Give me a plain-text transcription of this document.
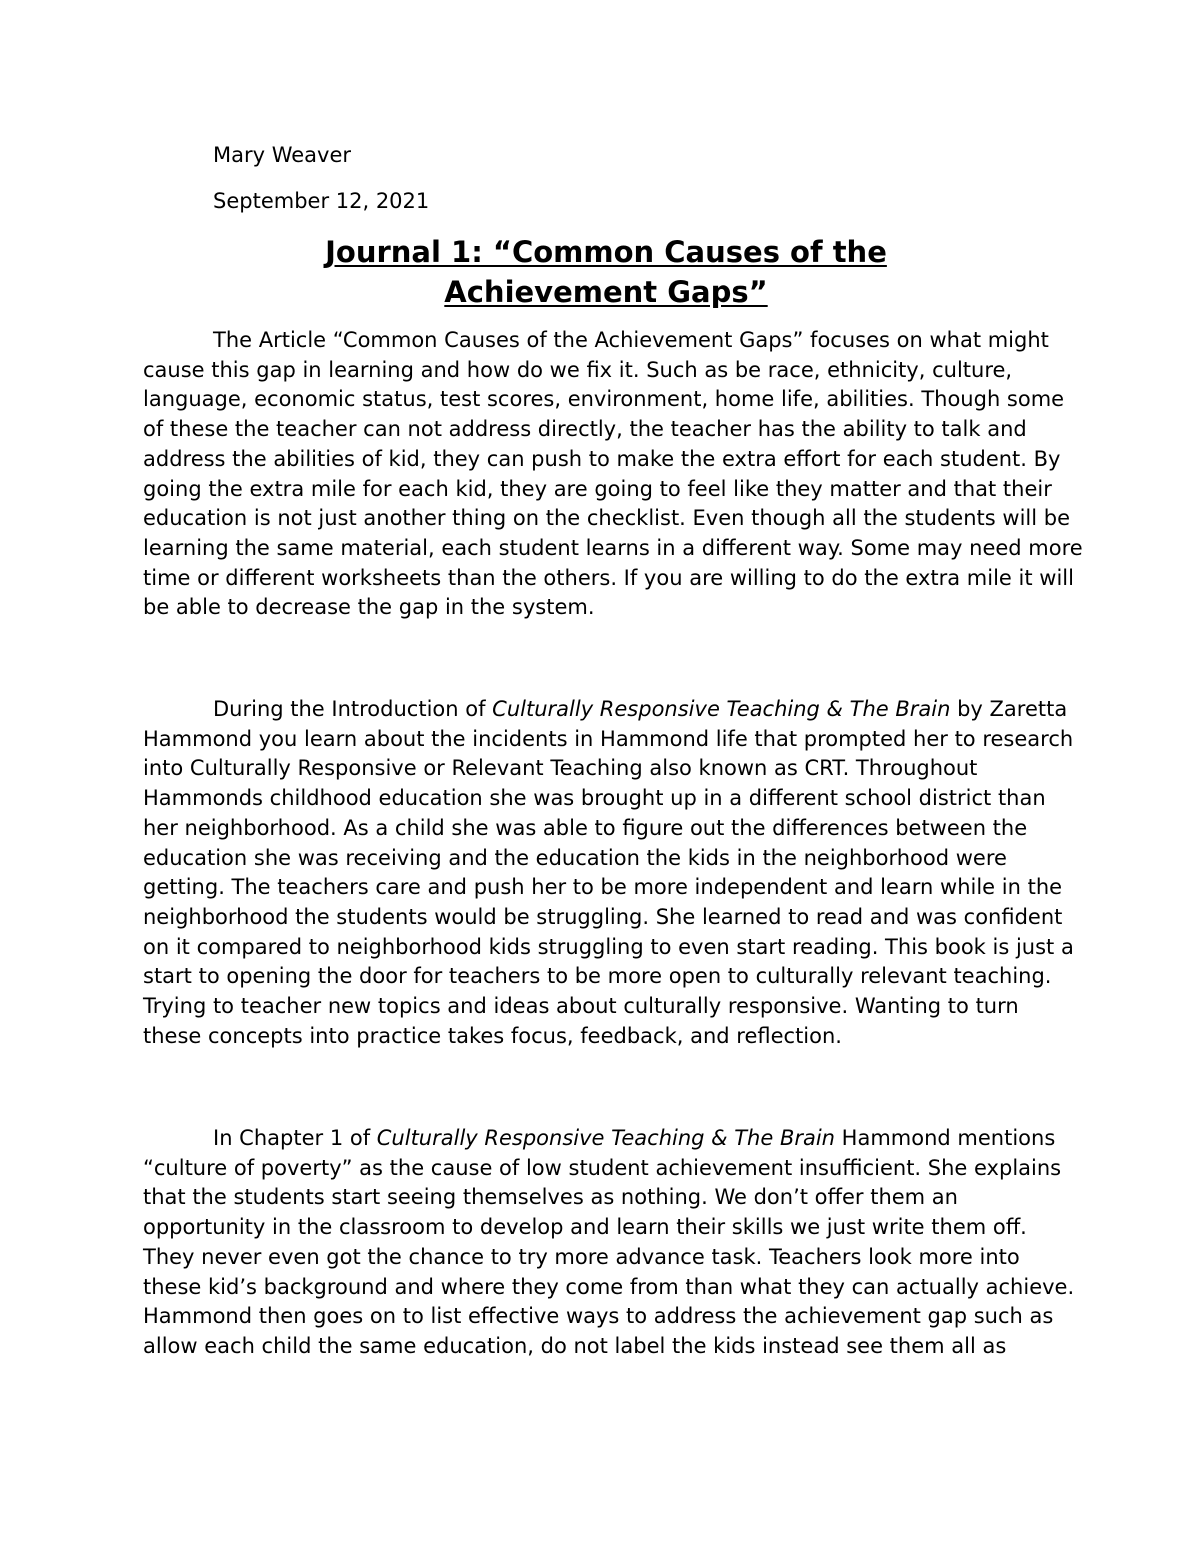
Mary Weaver
September 12, 2021
Journal 1: “Common Causes of the
Achievement Gaps”

The Article “Common Causes of the Achievement Gaps” focuses on what might cause this gap in learning and how do we fix it. Such as be race, ethnicity, culture, language, economic status, test scores, environment, home life, abilities. Though some of these the teacher can not address directly, the teacher has the ability to talk and address the abilities of kid, they can push to make the extra effort for each student. By going the extra mile for each kid, they are going to feel like they matter and that their education is not just another thing on the checklist. Even though all the students will be learning the same material, each student learns in a different way. Some may need more time or different worksheets than the others. If you are willing to do the extra mile it will be able to decrease the gap in the system.

During the Introduction of Culturally Responsive Teaching & The Brain by Zaretta Hammond you learn about the incidents in Hammond life that prompted her to research into Culturally Responsive or Relevant Teaching also known as CRT. Throughout Hammonds childhood education she was brought up in a different school district than her neighborhood. As a child she was able to figure out the differences between the education she was receiving and the education the kids in the neighborhood were getting. The teachers care and push her to be more independent and learn while in the neighborhood the students would be struggling. She learned to read and was confident on it compared to neighborhood kids struggling to even start reading. This book is just a start to opening the door for teachers to be more open to culturally relevant teaching. Trying to teacher new topics and ideas about culturally responsive. Wanting to turn these concepts into practice takes focus, feedback, and reflection.

In Chapter 1 of Culturally Responsive Teaching & The Brain Hammond mentions “culture of poverty” as the cause of low student achievement insufficient. She explains that the students start seeing themselves as nothing. We don’t offer them an opportunity in the classroom to develop and learn their skills we just write them off. They never even got the chance to try more advance task. Teachers look more into these kid’s background and where they come from than what they can actually achieve. Hammond then goes on to list effective ways to address the achievement gap such as allow each child the same education, do not label the kids instead see them all as
